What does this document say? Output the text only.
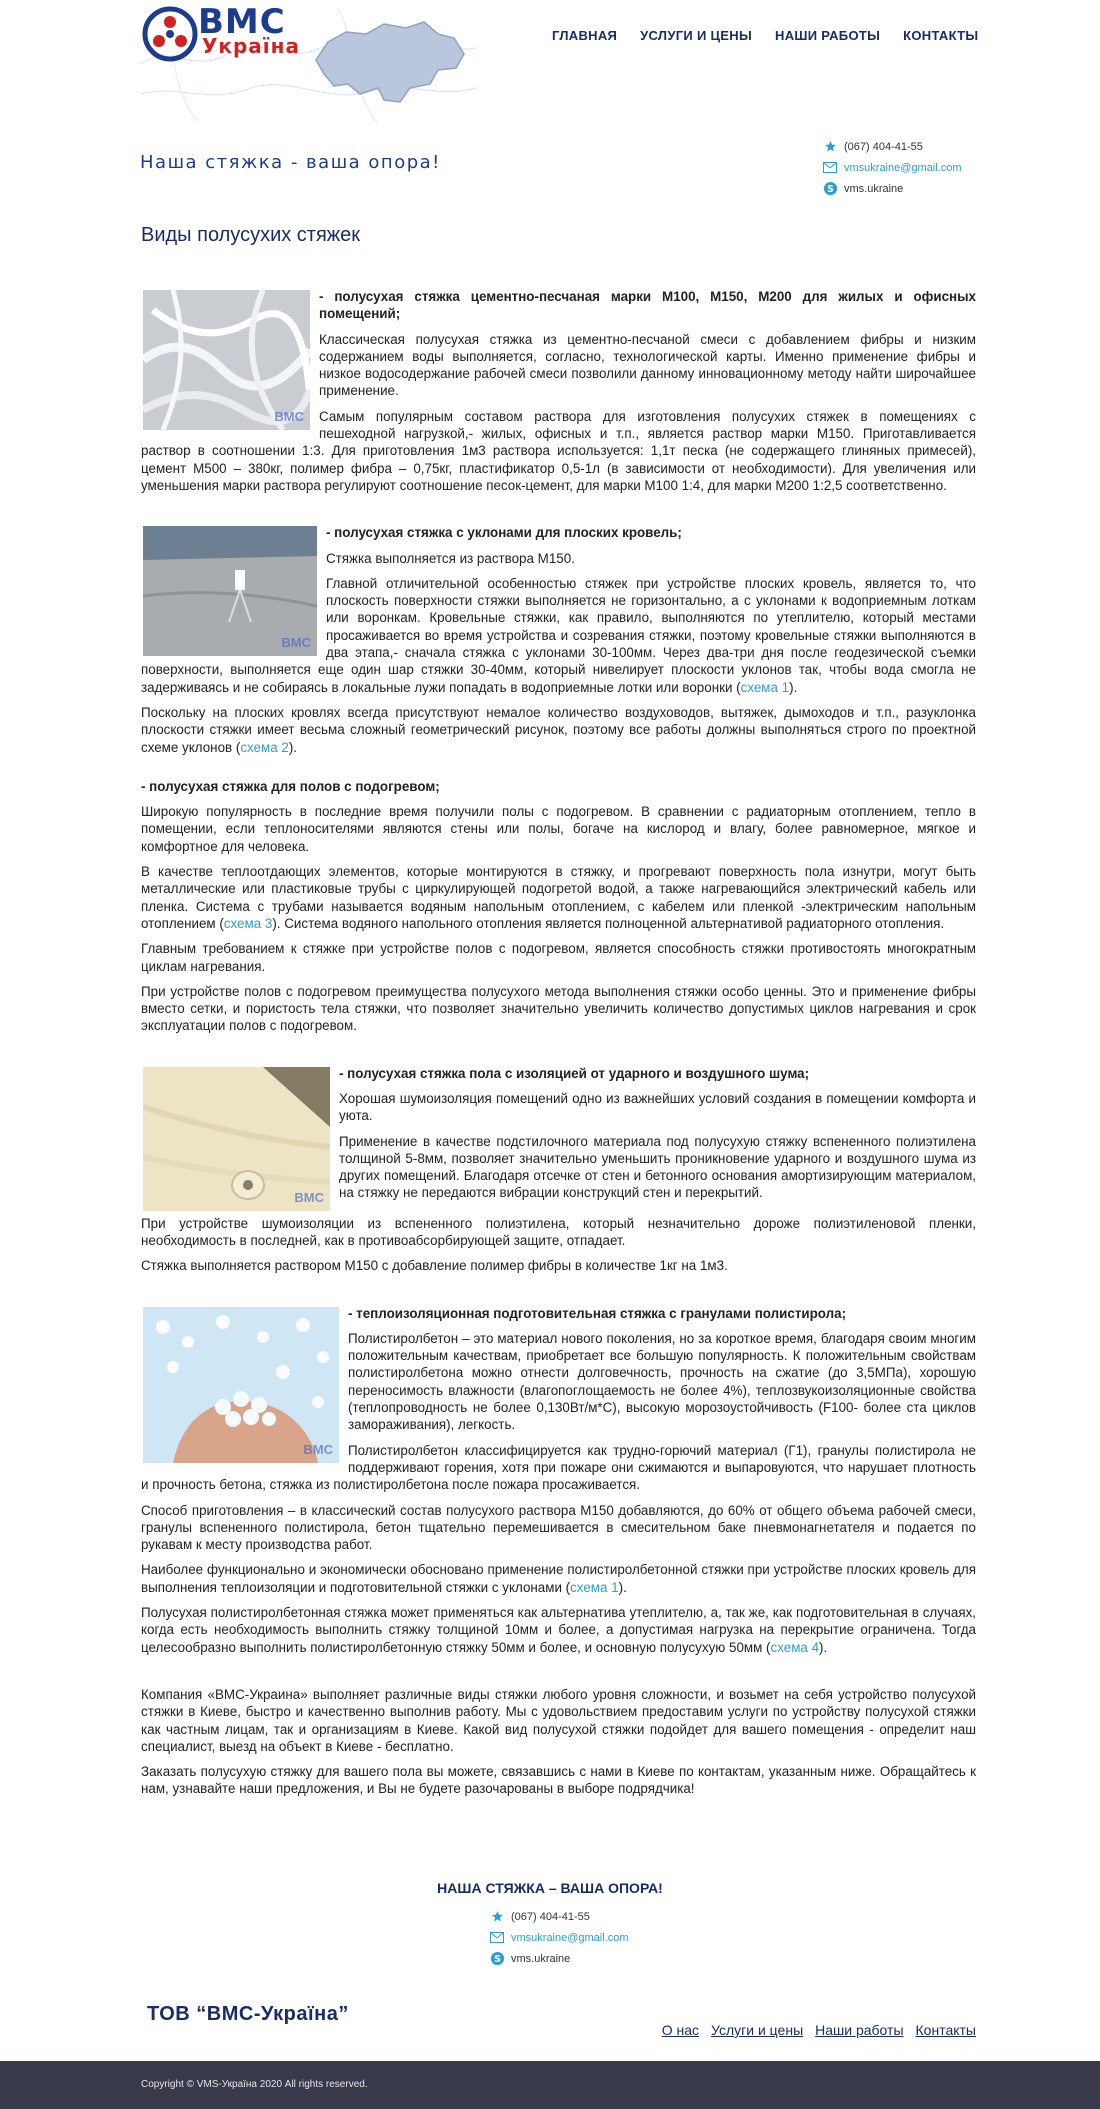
ВМС
Україна	ГЛАВНАЯ УСЛУГИ И ЦЕНЫ НАШИ РАБОТЫ КОНТАКТЫ
Наша стяжка - ваша опора!
(067) 404-41-55
vmsukraine@gmail.com
S vms.ukraine
Виды полусухих стяжек
ВМС

- полусухая стяжка цементно-песчаная марки М100, М150, М200 для жилых и офисных помещений;

Классическая полусухая стяжка из цементно-песчаной смеси с добавлением фибры и низким содержанием воды выполняется, согласно, технологической карты. Именно применение фибры и низкое водосодержание рабочей смеси позволили данному инновационному методу найти широчайшее применение.

Самым популярным составом раствора для изготовления полусухих стяжек в помещениях с пешеходной нагрузкой,- жилых, офисных и т.п., является раствор марки М150. Приготавливается раствор в соотношении 1:3. Для приготовления 1м3 раствора используется: 1,1т песка (не содержащего глиняных примесей), цемент М500 – 380кг, полимер фибра – 0,75кг, пластификатор 0,5-1л (в зависимости от необходимости). Для увеличения или уменьшения марки раствора регулируют соотношение песок-цемент, для марки М100 1:4, для марки М200 1:2,5 соответственно.

ВМС

- полусухая стяжка с уклонами для плоских кровель;

Стяжка выполняется из раствора М150.

Главной отличительной особенностью стяжек при устройстве плоских кровель, является то, что плоскость поверхности стяжки выполняется не горизонтально, а с уклонами к водоприемным лоткам или воронкам. Кровельные стяжки, как правило, выполняются по утеплителю, который местами просаживается во время устройства и созревания стяжки, поэтому кровельные стяжки выполняются в два этапа,- сначала стяжка с уклонами 30-100мм. Через два-три дня после геодезической съемки поверхности, выполняется еще один шар стяжки 30-40мм, который нивелирует плоскости уклонов так, чтобы вода смогла не задерживаясь и не собираясь в локальные лужи попадать в водоприемные лотки или воронки (схема 1).

Поскольку на плоских кровлях всегда присутствуют немалое количество воздуховодов, вытяжек, дымоходов и т.п., разуклонка плоскости стяжки имеет весьма сложный геометрический рисунок, поэтому все работы должны выполняться строго по проектной схеме уклонов (схема 2).

- полусухая стяжка для полов с подогревом;

Широкую популярность в последние время получили полы с подогревом. В сравнении с радиаторным отоплением, тепло в помещении, если теплоносителями являются стены или полы, богаче на кислород и влагу, более равномерное, мягкое и комфортное для человека.

В качестве теплоотдающих элементов, которые монтируются в стяжку, и прогревают поверхность пола изнутри, могут быть металлические или пластиковые трубы с циркулирующей подогретой водой, а также нагревающийся электрический кабель или пленка. Система с трубами называется водяным напольным отоплением, с кабелем или пленкой -электрическим напольным отоплением (схема 3). Система водяного напольного отопления является полноценной альтернативой радиаторного отопления.

Главным требованием к стяжке при устройстве полов с подогревом, является способность стяжки противостоять многократным циклам нагревания.

При устройстве полов с подогревом преимущества полусухого метода выполнения стяжки особо ценны. Это и применение фибры вместо сетки, и пористость тела стяжки, что позволяет значительно увеличить количество допустимых циклов нагревания и срок эксплуатации полов с подогревом.

ВМС

- полусухая стяжка пола с изоляцией от ударного и воздушного шума;

Хорошая шумоизоляция помещений одно из важнейших условий создания в помещении комфорта и уюта.

Применение в качестве подстилочного материала под полусухую стяжку вспененного полиэтилена толщиной 5-8мм, позволяет значительно уменьшить проникновение ударного и воздушного шума из других помещений. Благодаря отсечке от стен и бетонного основания амортизирующим материалом, на стяжку не передаются вибрации конструкций стен и перекрытий.

При устройстве шумоизоляции из вспененного полиэтилена, который незначительно дороже полиэтиленовой пленки, необходимость в последней, как в противоабсорбирующей защите, отпадает.

Стяжка выполняется раствором М150 с добавление полимер фибры в количестве 1кг на 1м3.

ВМС

- теплоизоляционная подготовительная стяжка с гранулами полистирола;

Полистиролбетон – это материал нового поколения, но за короткое время, благодаря своим многим положительным качествам, приобретает все большую популярность. К положительным свойствам полистиролбетона можно отнести долговечность, прочность на сжатие (до 3,5МПа), хорошую переносимость влажности (влагопоглощаемость не более 4%), теплозвукоизоляционные свойства (теплопроводность не более 0,130Вт/м*С), высокую морозоустойчивость (F100- более ста циклов замораживания), легкость.

Полистиролбетон классифицируется как трудно-горючий материал (Г1), гранулы полистирола не поддерживают горения, хотя при пожаре они сжимаются и выпаровуются, что нарушает плотность и прочность бетона, стяжка из полистиролбетона после пожара просаживается.

Способ приготовления – в классический состав полусухого раствора М150 добавляются, до 60% от общего объема рабочей смеси, гранулы вспененного полистирола, бетон тщательно перемешивается в смесительном баке пневмонагнетателя и подается по рукавам к месту производства работ.

Наиболее функционально и экономически обосновано применение полистиролбетонной стяжки при устройстве плоских кровель для выполнения теплоизоляции и подготовительной стяжки с уклонами (схема 1).

Полусухая полистиролбетонная стяжка может применяться как альтернатива утеплителю, а, так же, как подготовительная в случаях, когда есть необходимость выполнить стяжку толщиной 10мм и более, а допустимая нагрузка на перекрытие ограничена. Тогда целесообразно выполнить полистиролбетонную стяжку 50мм и более, и основную полусухую 50мм (схема 4).

Компания «ВМС-Украина» выполняет различные виды стяжки любого уровня сложности, и возьмет на себя устройство полусухой стяжки в Киеве, быстро и качественно выполнив работу. Мы с удовольствием предоставим услуги по устройству полусухой стяжки как частным лицам, так и организациям в Киеве. Какой вид полусухой стяжки подойдет для вашего помещения - определит наш специалист, выезд на объект в Киеве - бесплатно.

Заказать полусухую стяжку для вашего пола вы можете, связавшись с нами в Киеве по контактам, указанным ниже. Обращайтесь к нам, узнавайте наши предложения, и Вы не будете разочарованы в выборе подрядчика!

НАША СТЯЖКА – ВАША ОПОРА!
(067) 404-41-55
vmsukraine@gmail.com
S vms.ukraine
ТОВ “ВМС-Україна”
О нас Услуги и цены Наши работы Контакты
Copyright © VMS-Україна 2020 All rights reserved.
